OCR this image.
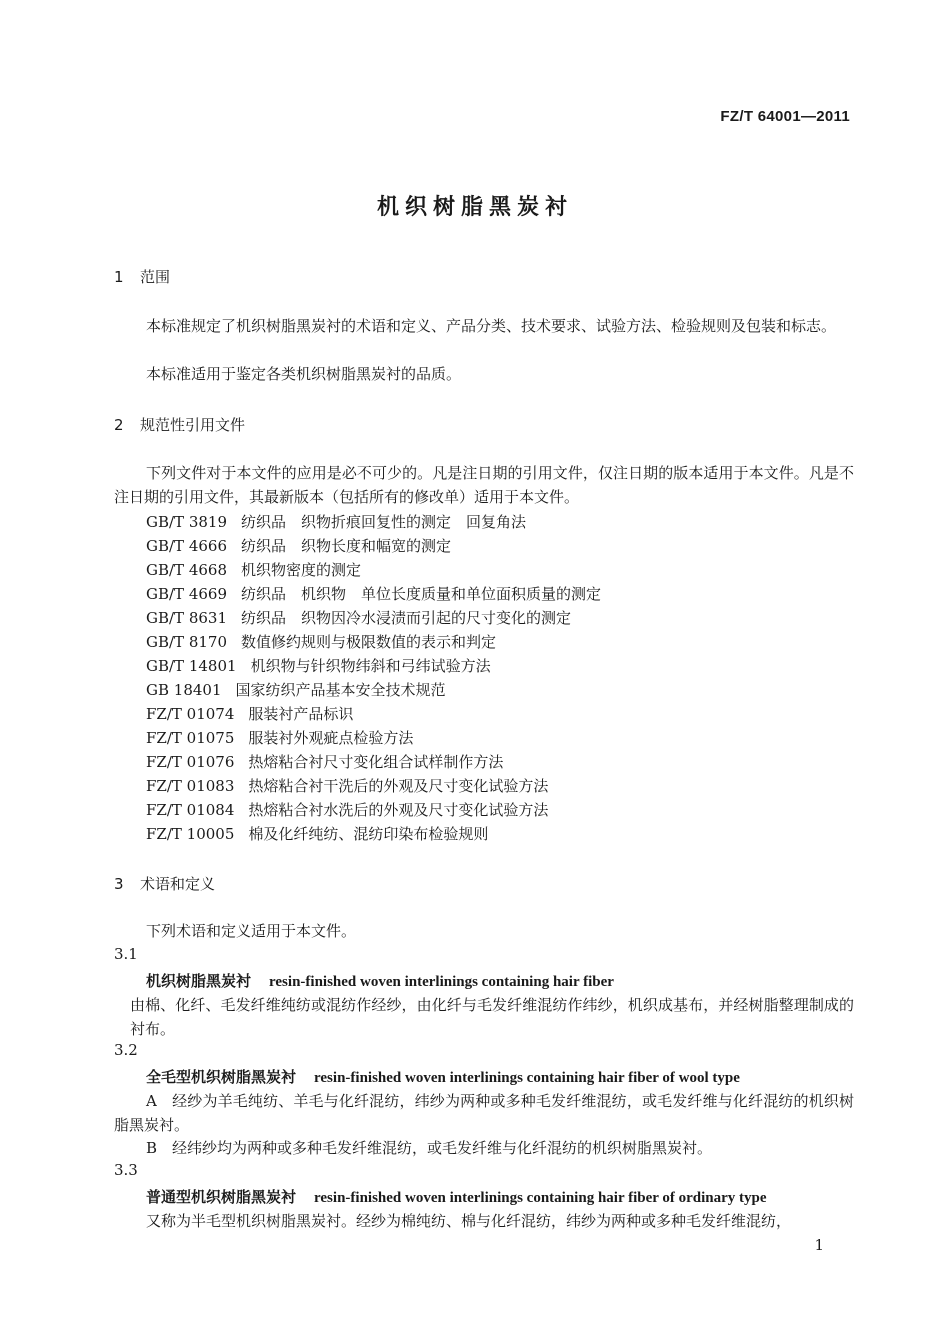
FZ/T 64001—2011
机织树脂黑炭衬
1 范围
本标准规定了机织树脂黑炭衬的术语和定义、产品分类、技术要求、试验方法、检验规则及包装和标志。
本标准适用于鉴定各类机织树脂黑炭衬的品质。
2 规范性引用文件
下列文件对于本文件的应用是必不可少的。凡是注日期的引用文件，仅注日期的版本适用于本文件。凡是不注日期的引用文件，其最新版本（包括所有的修改单）适用于本文件。
GB/T 3819 纺织品　织物折痕回复性的测定　回复角法
GB/T 4666 纺织品　织物长度和幅宽的测定
GB/T 4668 机织物密度的测定
GB/T 4669 纺织品　机织物　单位长度质量和单位面积质量的测定
GB/T 8631 纺织品　织物因冷水浸渍而引起的尺寸变化的测定
GB/T 8170 数值修约规则与极限数值的表示和判定
GB/T 14801 机织物与针织物纬斜和弓纬试验方法
GB 18401 国家纺织产品基本安全技术规范
FZ/T 01074 服装衬产品标识
FZ/T 01075 服装衬外观疵点检验方法
FZ/T 01076 热熔粘合衬尺寸变化组合试样制作方法
FZ/T 01083 热熔粘合衬干洗后的外观及尺寸变化试验方法
FZ/T 01084 热熔粘合衬水洗后的外观及尺寸变化试验方法
FZ/T 10005 棉及化纤纯纺、混纺印染布检验规则
3 术语和定义
下列术语和定义适用于本文件。
3.1
机织树脂黑炭衬 resin-finished woven interlinings containing hair fiber
由棉、化纤、毛发纤维纯纺或混纺作经纱，由化纤与毛发纤维混纺作纬纱，机织成基布，并经树脂整理制成的衬布。
3.2
全毛型机织树脂黑炭衬 resin-finished woven interlinings containing hair fiber of wool type
A　经纱为羊毛纯纺、羊毛与化纤混纺，纬纱为两种或多种毛发纤维混纺，或毛发纤维与化纤混纺的机织树脂黑炭衬。
B　经纬纱均为两种或多种毛发纤维混纺，或毛发纤维与化纤混纺的机织树脂黑炭衬。
3.3
普通型机织树脂黑炭衬 resin-finished woven interlinings containing hair fiber of ordinary type
又称为半毛型机织树脂黑炭衬。经纱为棉纯纺、棉与化纤混纺，纬纱为两种或多种毛发纤维混纺，
1
